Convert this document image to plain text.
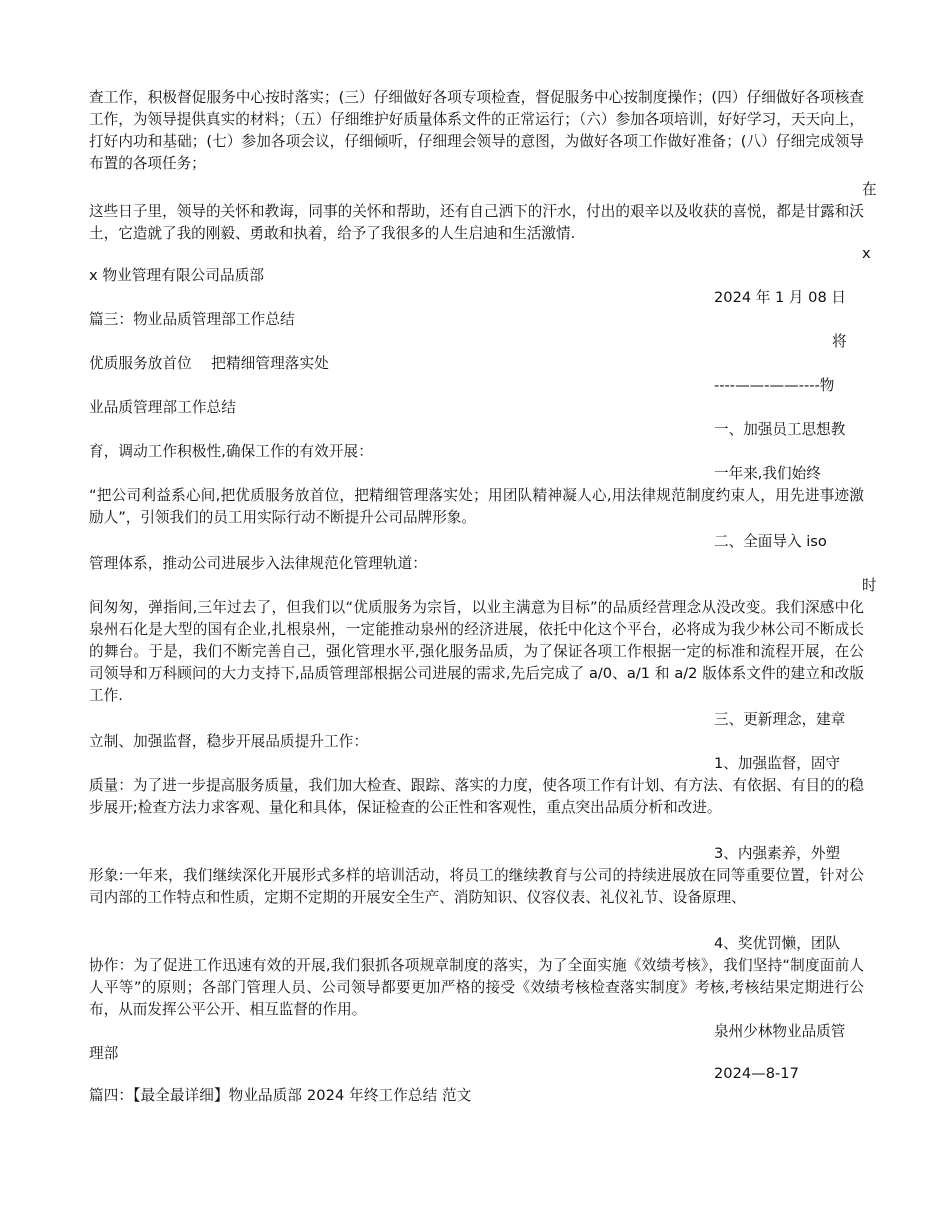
查工作，积极督促服务中心按时落实；(三）仔细做好各项专项检查，督促服务中心按制度操作；(四）仔细做好各项核查工作，为领导提供真实的材料；（五）仔细维护好质量体系文件的正常运行；（六）参加各项培训，好好学习，天天向上，打好内功和基础；(七）参加各项会议，仔细倾听，仔细理会领导的意图，为做好各项工作做好准备；(八）仔细完成领导布置的各项任务；
在
这些日子里，领导的关怀和教诲，同事的关怀和帮助，还有自己洒下的汗水，付出的艰辛以及收获的喜悦，都是甘露和沃土，它造就了我的刚毅、勇敢和执着，给予了我很多的人生启迪和生活激情.
x
x 物业管理有限公司品质部
2024 年 1 月 08 日
篇三：物业品质管理部工作总结
将
优质服务放首位　 把精细管理落实处
----——-——----物
业品质管理部工作总结
一、加强员工思想教
育，调动工作积极性,确保工作的有效开展：
一年来,我们始终
“把公司利益系心间,把优质服务放首位，把精细管理落实处；用团队精神凝人心,用法律规范制度约束人，用先进事迹激励人”，引领我们的员工用实际行动不断提升公司品牌形象。
二、全面导入 iso
管理体系，推动公司进展步入法律规范化管理轨道：
时
间匆匆，弹指间,三年过去了，但我们以“优质服务为宗旨，以业主满意为目标”的品质经营理念从没改变。我们深感中化泉州石化是大型的国有企业,扎根泉州，一定能推动泉州的经济进展，依托中化这个平台，必将成为我少林公司不断成长的舞台。于是，我们不断完善自己，强化管理水平,强化服务品质，为了保证各项工作根据一定的标准和流程开展，在公司领导和万科顾问的大力支持下,品质管理部根据公司进展的需求,先后完成了 a/0、a/1 和 a/2 版体系文件的建立和改版工作.
三、更新理念，建章
立制、加强监督，稳步开展品质提升工作：
1、加强监督，固守
质量：为了进一步提高服务质量，我们加大检查、跟踪、落实的力度，使各项工作有计划、有方法、有依据、有目的的稳步展开;检查方法力求客观、量化和具体，保证检查的公正性和客观性，重点突出品质分析和改进。
3、内强素养，外塑
形象:一年来，我们继续深化开展形式多样的培训活动，将员工的继续教育与公司的持续进展放在同等重要位置，针对公司内部的工作特点和性质，定期不定期的开展安全生产、消防知识、仪容仪表、礼仪礼节、设备原理、
4、奖优罚懒，团队
协作：为了促进工作迅速有效的开展,我们狠抓各项规章制度的落实，为了全面实施《效绩考核》，我们坚持“制度面前人人平等”的原则；各部门管理人员、公司领导都要更加严格的接受《效绩考核检查落实制度》考核,考核结果定期进行公布，从而发挥公平公开、相互监督的作用。
泉州少林物业品质管
理部
2024—8-17
篇四：【最全最详细】物业品质部 2024 年终工作总结 范文
